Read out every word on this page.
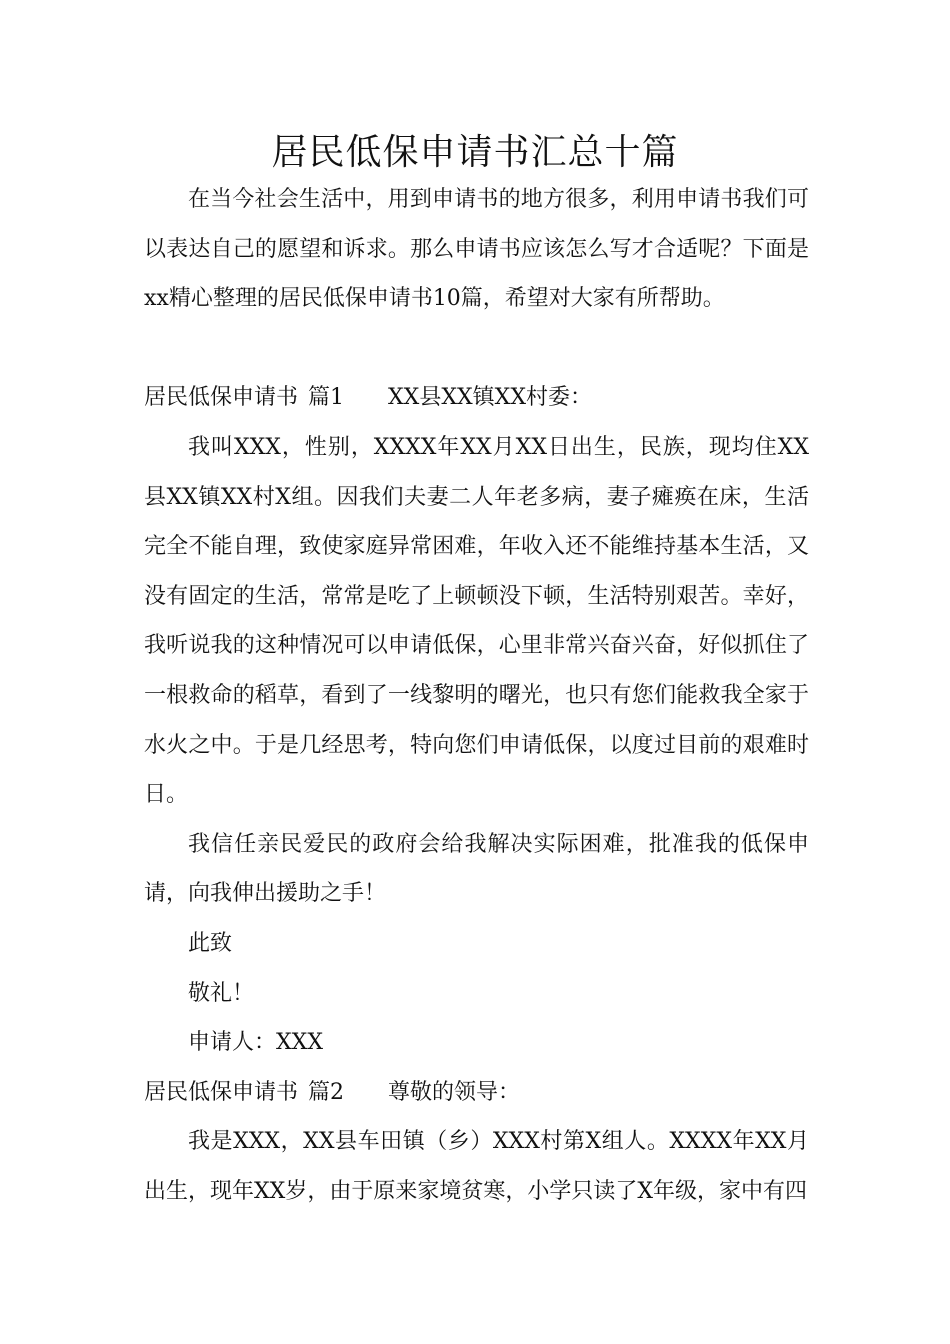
居民低保申请书汇总十篇

在当今社会生活中，用到申请书的地方很多，利用申请书我们可以表达自己的愿望和诉求。那么申请书应该怎么写才合适呢？下面是xx精心整理的居民低保申请书10篇，希望对大家有所帮助。

居民低保申请书 篇1 XX县XX镇XX村委：

我叫XXX，性别，XXXX年XX月XX日出生，民族，现均住XX县XX镇XX村X组。因我们夫妻二人年老多病，妻子瘫痪在床，生活完全不能自理，致使家庭异常困难，年收入还不能维持基本生活，又没有固定的生活，常常是吃了上顿顿没下顿，生活特别艰苦。幸好，我听说我的这种情况可以申请低保，心里非常兴奋兴奋，好似抓住了一根救命的稻草，看到了一线黎明的曙光，也只有您们能救我全家于水火之中。于是几经思考，特向您们申请低保，以度过目前的艰难时日。

我信任亲民爱民的政府会给我解决实际困难，批准我的低保申请，向我伸出援助之手！

此致

敬礼！

申请人：XXX

居民低保申请书 篇2 尊敬的领导：

我是XXX，XX县车田镇（乡）XXX村第X组人。XXXX年XX月出生，现年XX岁，由于原来家境贫寒，小学只读了X年级，家中有四
